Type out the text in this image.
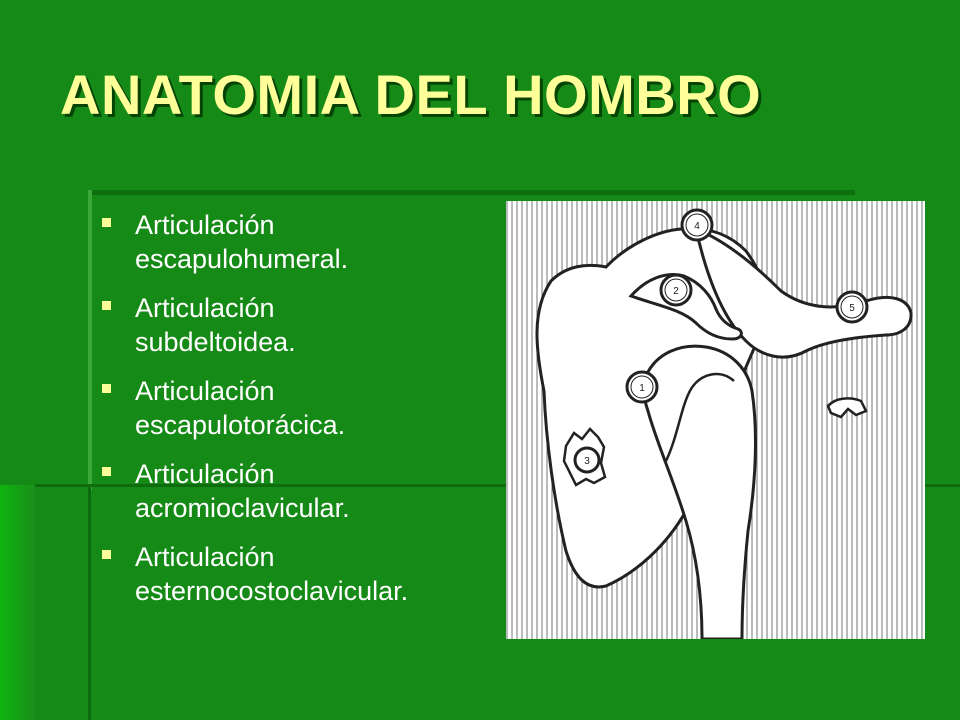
ANATOMIA DEL HOMBRO
Articulación
escapulohumeral.
Articulación
subdeltoidea.
Articulación
escapulotorácica.
Articulación
acromioclavicular.
Articulación
esternocostoclavicular.
1
2
3
4
5
